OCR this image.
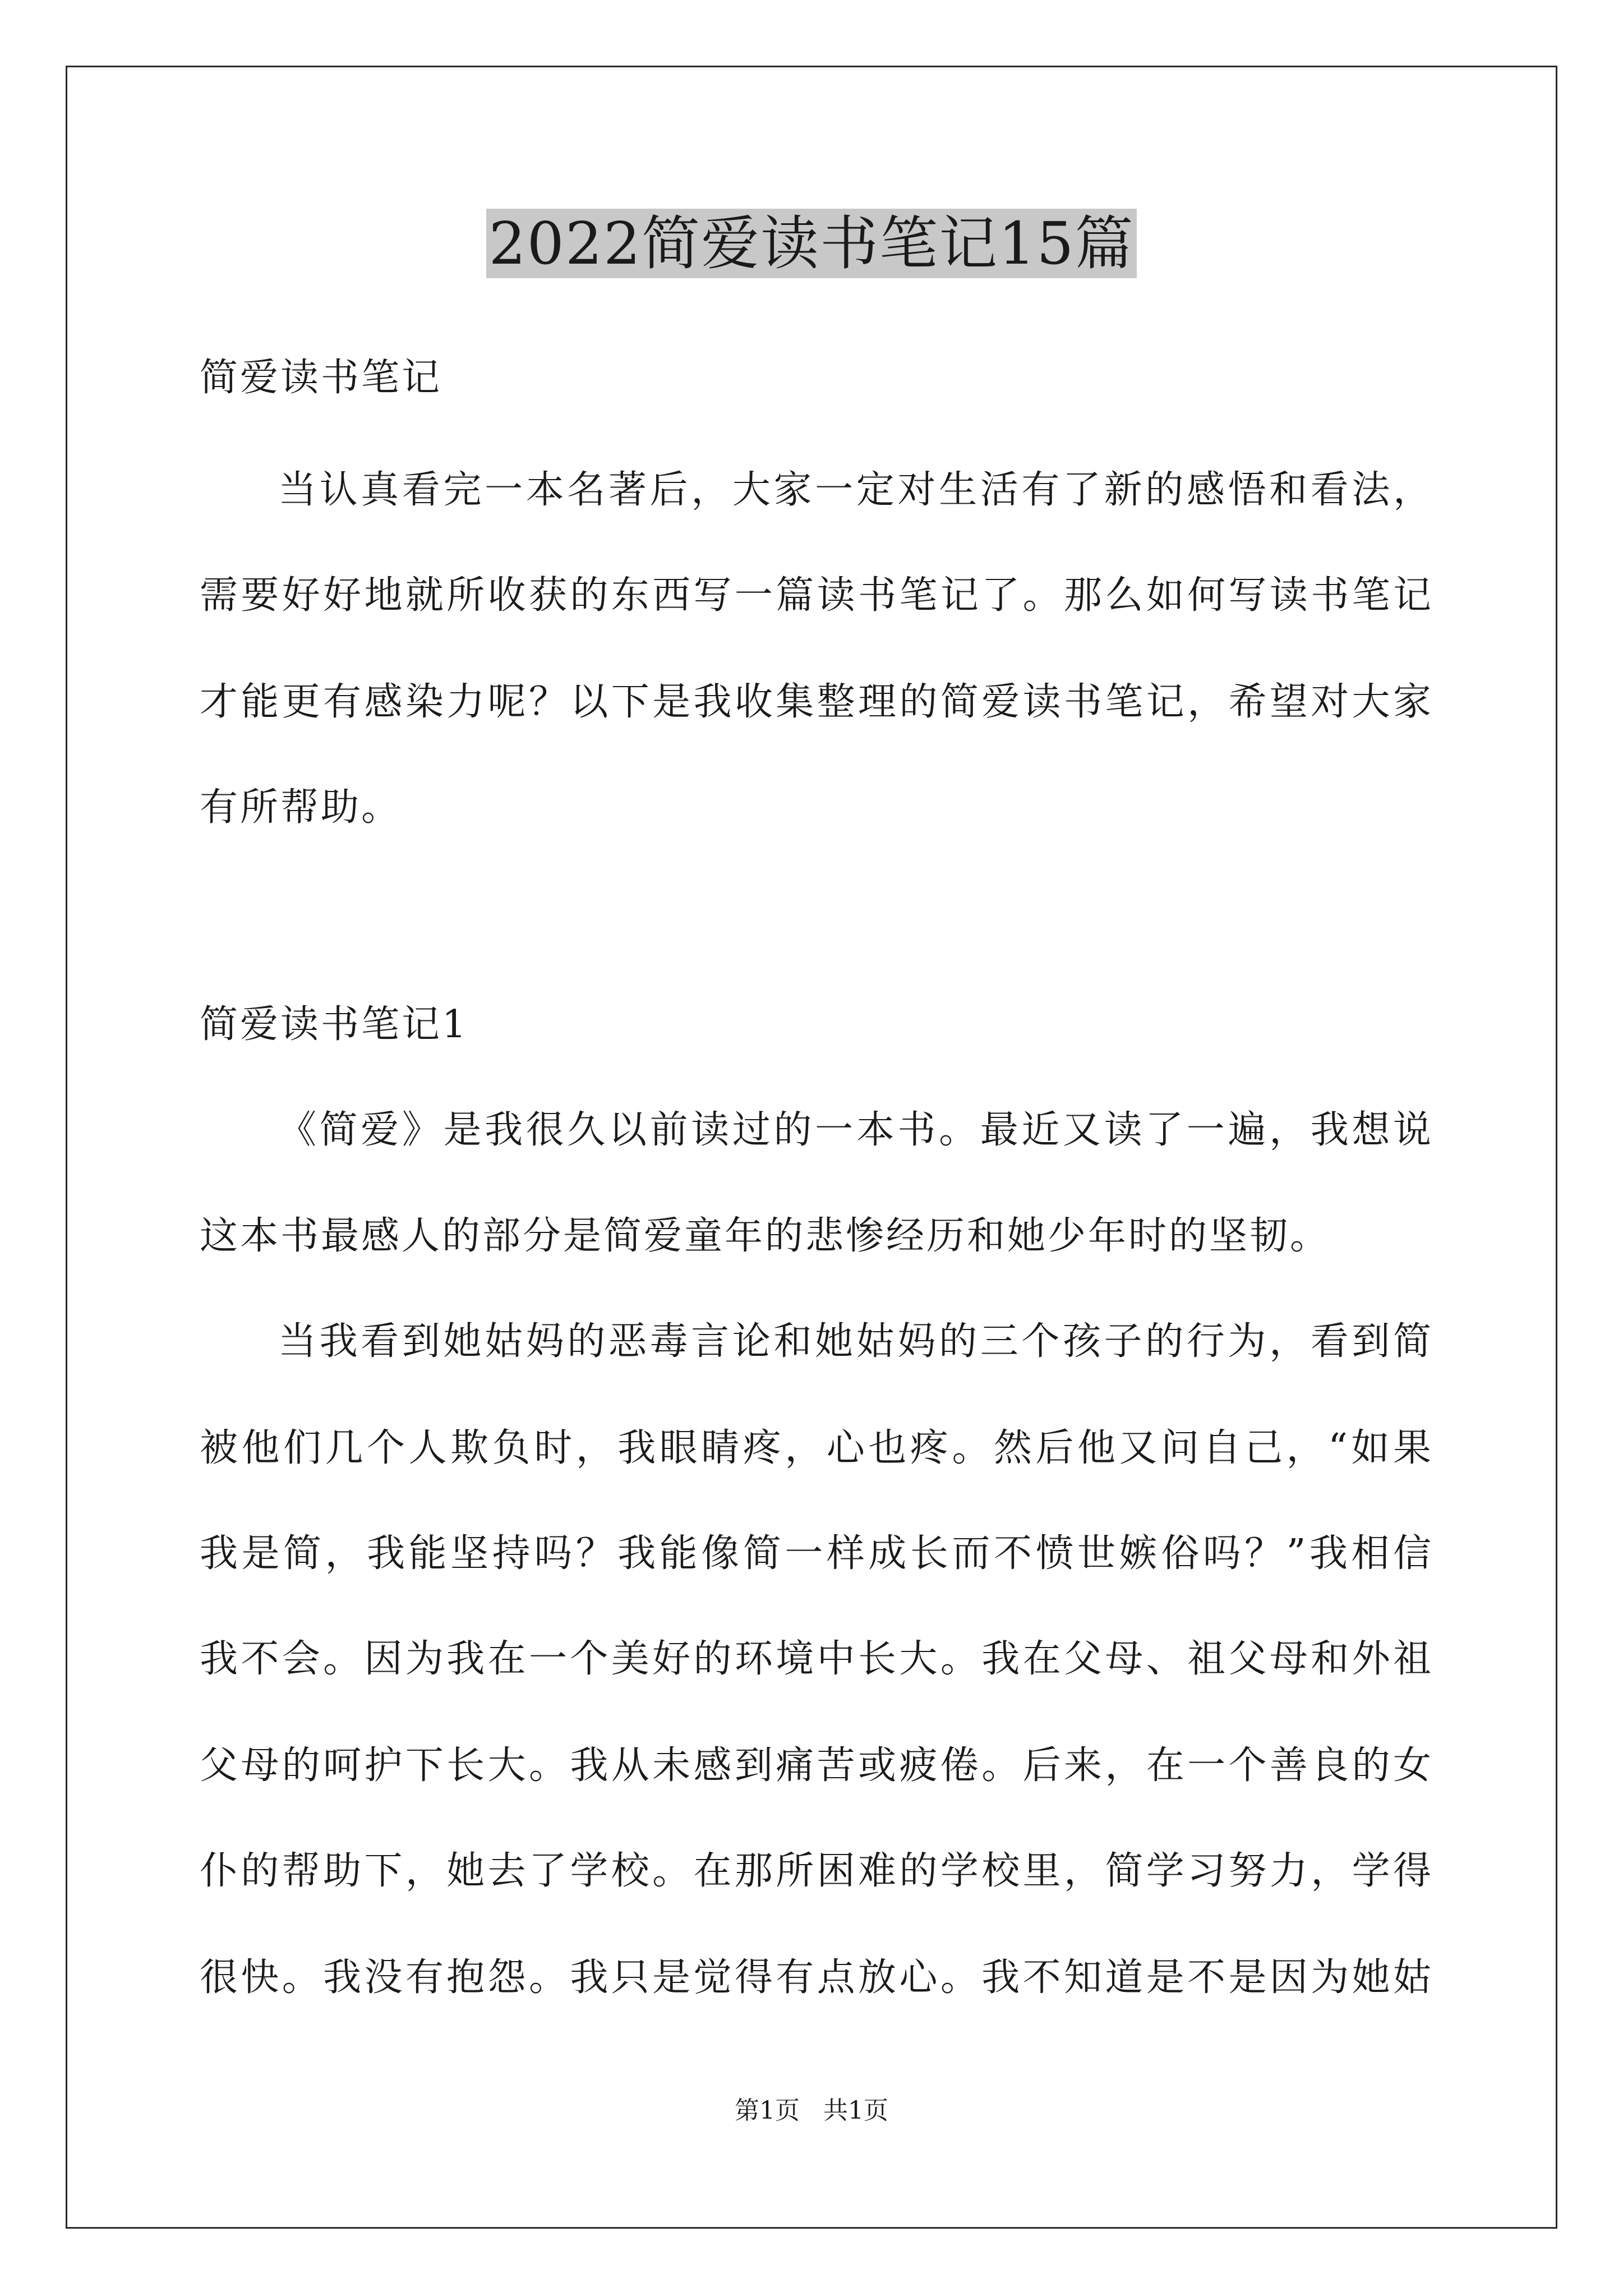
2022简爱读书笔记15篇
简爱读书笔记
当认真看完一本名著后，大家一定对生活有了新的感悟和看法，
需要好好地就所收获的东西写一篇读书笔记了。那么如何写读书笔记
才能更有感染力呢？以下是我收集整理的简爱读书笔记，希望对大家
有所帮助。
简爱读书笔记1
《简爱》是我很久以前读过的一本书。最近又读了一遍，我想说
这本书最感人的部分是简爱童年的悲惨经历和她少年时的坚韧。
当我看到她姑妈的恶毒言论和她姑妈的三个孩子的行为，看到简
被他们几个人欺负时，我眼睛疼，心也疼。然后他又问自己，“如果
我是简，我能坚持吗？我能像简一样成长而不愤世嫉俗吗？”我相信
我不会。因为我在一个美好的环境中长大。我在父母、祖父母和外祖
父母的呵护下长大。我从未感到痛苦或疲倦。后来，在一个善良的女
仆的帮助下，她去了学校。在那所困难的学校里，简学习努力，学得
很快。我没有抱怨。我只是觉得有点放心。我不知道是不是因为她姑
第1页   共1页
